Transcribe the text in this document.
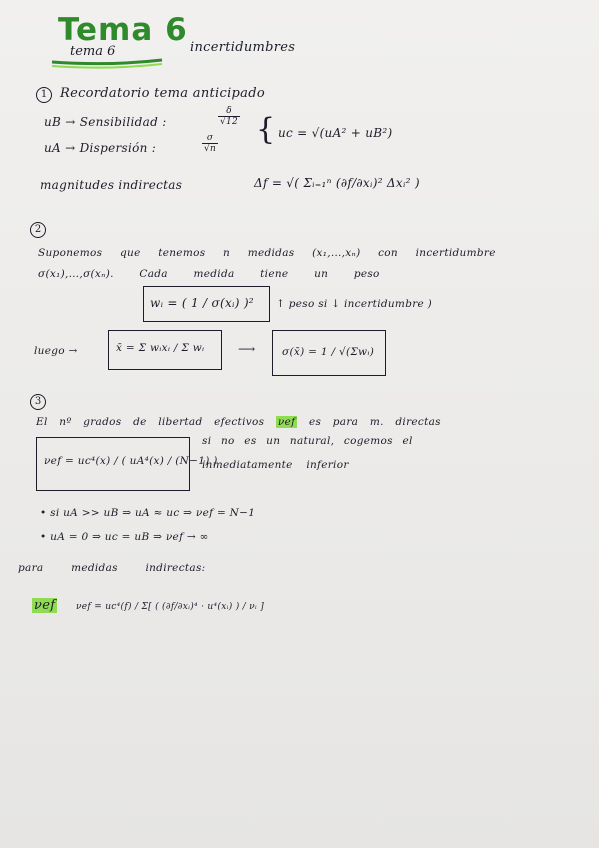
Tema 6
tema 6	incertidumbres
1 Recordatorio tema anticipado
uB → Sensibilidad :	$\frac{\delta}{√12}$
uA → Dispersión :	$\frac{\sigma}{√n}$ { uc = √(uA² + uB²)
magnitudes indirectas	Δf = √( Σᵢ₌₁ⁿ (∂f/∂xᵢ)² Δxᵢ² )
2
Suponemos que tenemos n medidas (x₁,…,xₙ) con incertidumbre
σ(x₁),…,σ(xₙ). Cada medida tiene un peso
wᵢ = ( 1 / σ(xᵢ) )² ↑ peso si ↓ incertidumbre )
luego →	x̄ = Σ wᵢxᵢ / Σ wᵢ	⟶	σ(x̄) = 1 / √(Σwᵢ)
3
El nº grados de libertad efectivos νef es para m. directas
νef = uc⁴(x) / ( uA⁴(x) / (N−1) )
si no es un natural, cogemos el
inmediatamente inferior
• si uA >> uB ⇒ uA ≈ uc ⇒ νef = N−1
• uA = 0 ⇒ uc = uB ⇒ νef → ∞
para medidas indirectas:
νef νef = uc⁴(f) / Σ[ ( (∂f/∂xᵢ)⁴ · u⁴(xᵢ) ) / νᵢ ]
